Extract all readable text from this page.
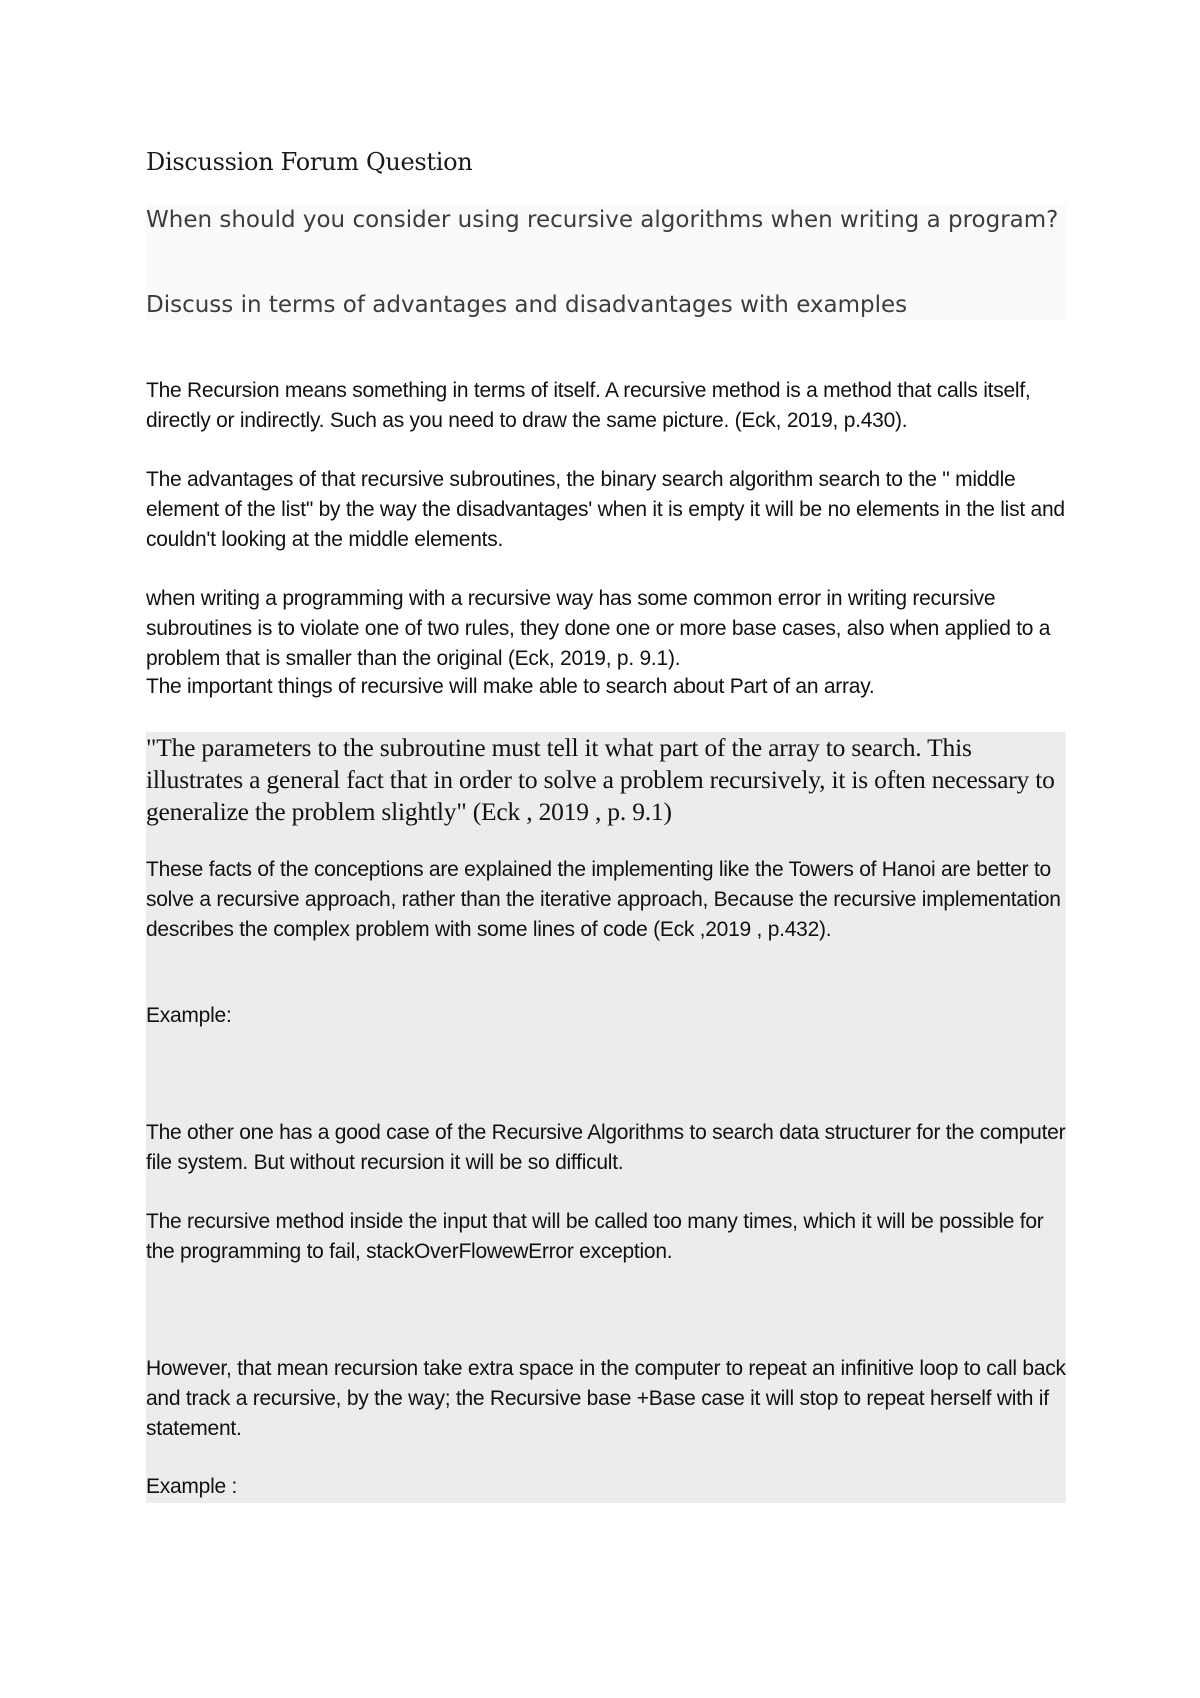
Discussion Forum Question
When should you consider using recursive algorithms when writing a program?
Discuss in terms of advantages and disadvantages with examples
The Recursion means something in terms of itself. A recursive method is a method that calls itself, directly or indirectly. Such as you need to draw the same picture. (Eck, 2019, p.430).
The advantages of that recursive subroutines, the binary search algorithm search to the " middle element of the list" by the way the disadvantages' when it is empty it will be no elements in the list and couldn't looking at the middle elements.
when writing a programming with a recursive way has some common error in writing recursive subroutines is to violate one of two rules, they done one or more base cases, also when applied to a problem that is smaller than the original (Eck, 2019, p. 9.1).
The important things of recursive will make able to search about Part of an array.
"The parameters to the subroutine must tell it what part of the array to search. This illustrates a general fact that in order to solve a problem recursively, it is often necessary to generalize the problem slightly" (Eck , 2019 , p. 9.1)
These facts of the conceptions are explained the implementing like the Towers of Hanoi are better to solve a recursive approach, rather than the iterative approach, Because the recursive implementation describes the complex problem with some lines of code (Eck ,2019 , p.432).
Example:
The other one has a good case of the Recursive Algorithms to search data structurer for the computer file system. But without recursion it will be so difficult.
The recursive method inside the input that will be called too many times, which it will be possible for the programming to fail, stackOverFlowewError exception.
However, that mean recursion take extra space in the computer to repeat an infinitive loop to call back and track a recursive, by the way; the Recursive base +Base case it will stop to repeat herself with if statement.
Example :
